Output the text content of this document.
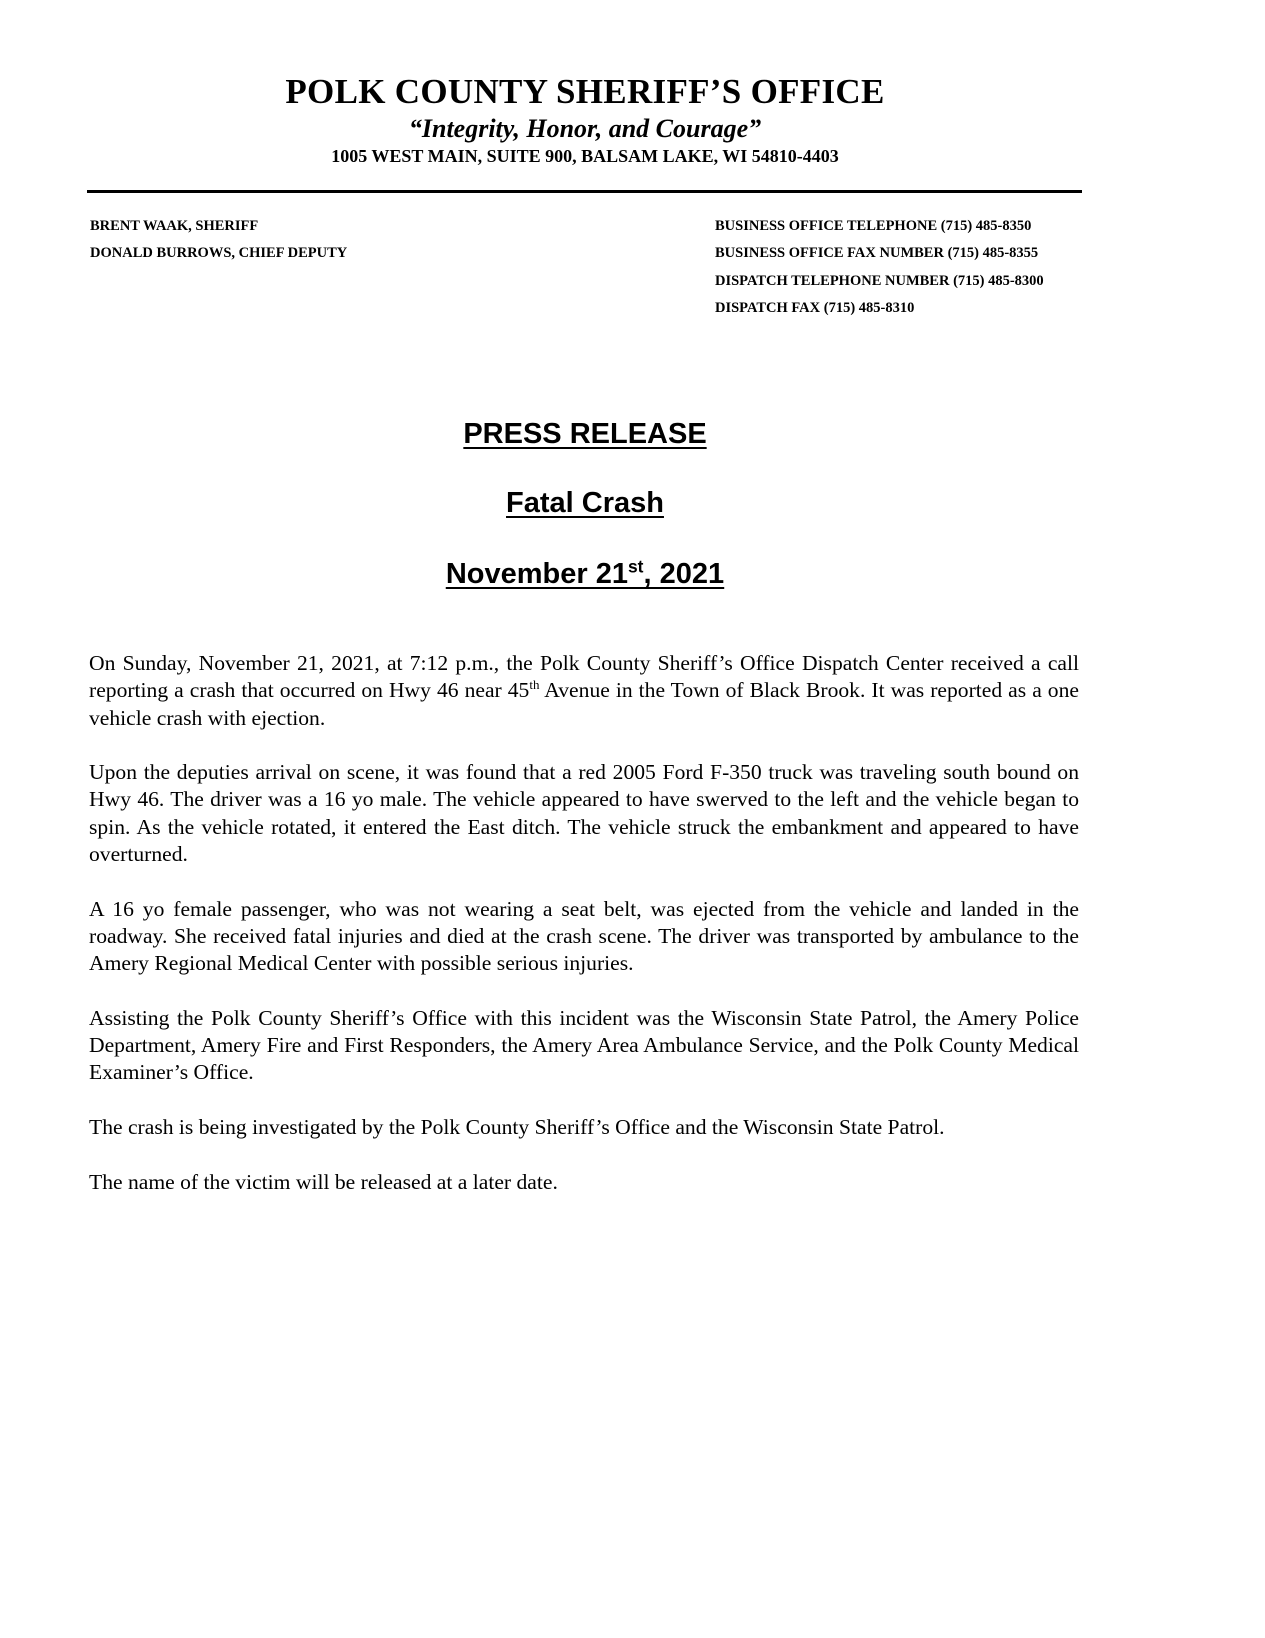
POLK COUNTY SHERIFF’S OFFICE
“Integrity, Honor, and Courage”
1005 WEST MAIN, SUITE 900, BALSAM LAKE, WI 54810-4403
BRENT WAAK, SHERIFF
DONALD BURROWS, CHIEF DEPUTY
BUSINESS OFFICE TELEPHONE (715) 485-8350
BUSINESS OFFICE FAX NUMBER (715) 485-8355
DISPATCH TELEPHONE NUMBER (715) 485-8300
DISPATCH FAX (715) 485-8310
PRESS RELEASE
Fatal Crash
November 21st, 2021

On Sunday, November 21, 2021, at 7:12 p.m., the Polk County Sheriff’s Office Dispatch Center received a call reporting a crash that occurred on Hwy 46 near 45th Avenue in the Town of Black Brook. It was reported as a one vehicle crash with ejection.

Upon the deputies arrival on scene, it was found that a red 2005 Ford F-350 truck was traveling south bound on Hwy 46. The driver was a 16 yo male. The vehicle appeared to have swerved to the left and the vehicle began to spin. As the vehicle rotated, it entered the East ditch. The vehicle struck the embankment and appeared to have overturned.

A 16 yo female passenger, who was not wearing a seat belt, was ejected from the vehicle and landed in the roadway. She received fatal injuries and died at the crash scene. The driver was transported by ambulance to the Amery Regional Medical Center with possible serious injuries.

Assisting the Polk County Sheriff’s Office with this incident was the Wisconsin State Patrol, the Amery Police Department, Amery Fire and First Responders, the Amery Area Ambulance Service, and the Polk County Medical Examiner’s Office.

The crash is being investigated by the Polk County Sheriff’s Office and the Wisconsin State Patrol.

The name of the victim will be released at a later date.
